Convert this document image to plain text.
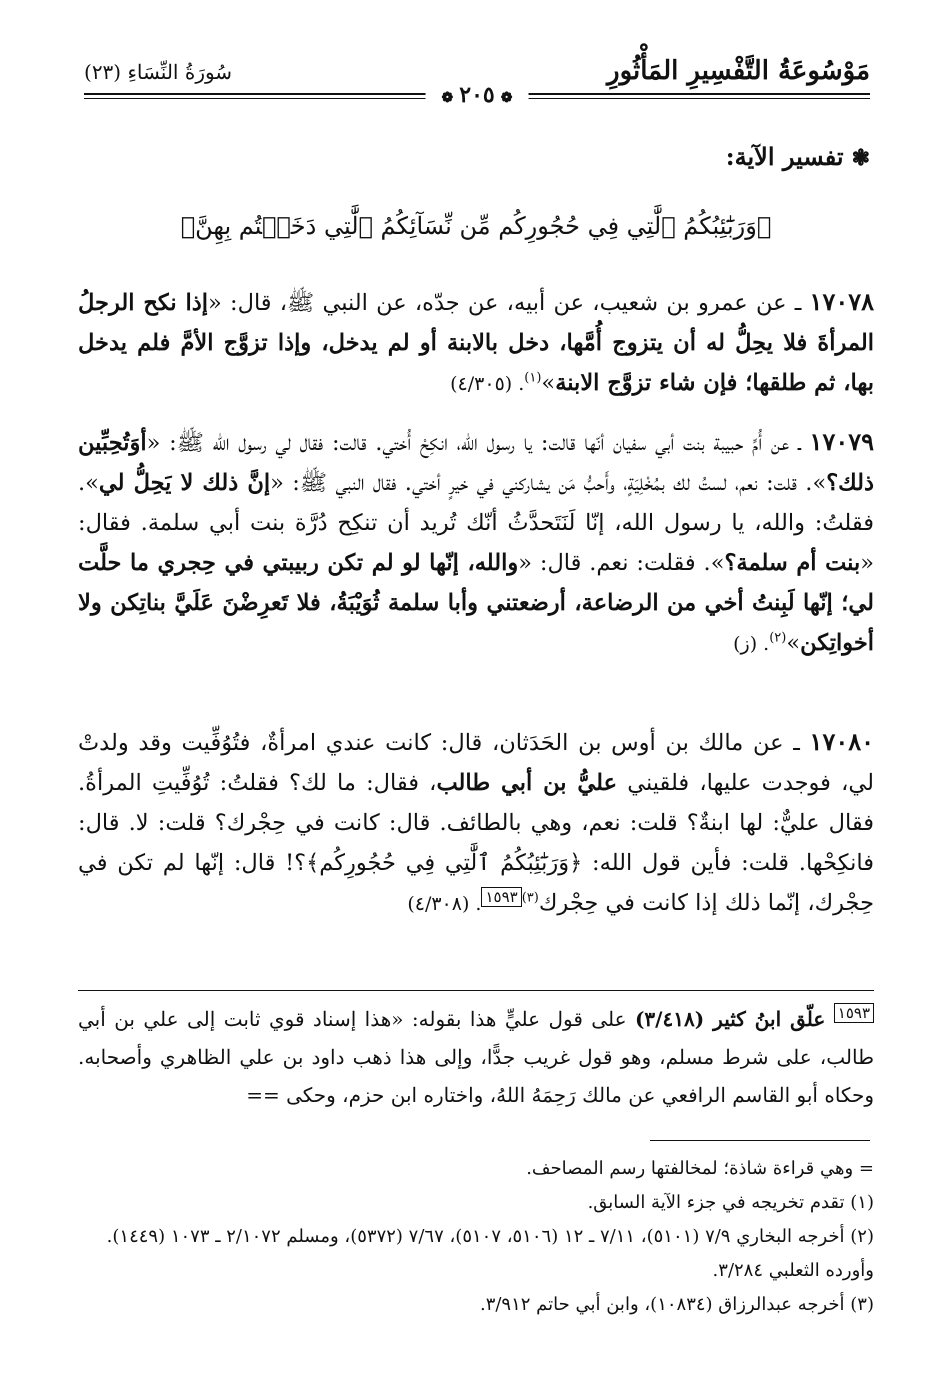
مَوْسُوعَةُ التَّفْسِيرِ المَأْثُورِ
سُورَةُ النِّسَاءِ (٢٣)
❁٢٠٥❁
❃تفسير الآية:
﴿وَرَبَٰٓئِبُكُمُ ٱلَّٰتِي فِي حُجُورِكُم مِّن نِّسَآئِكُمُ ٱلَّٰتِي دَخَلۡتُم بِهِنَّ﴾
١٧٠٧٨ ـ عن عمرو بن شعيب، عن أبيه، عن جدّه، عن النبي ﷺ، قال: «إذا نكح الرجلُ المرأةَ فلا يحِلُّ له أن يتزوج أُمَّها، دخل بالابنة أو لم يدخل، وإذا تزوَّج الأمَّ فلم يدخل بها، ثم طلقها؛ فإن شاء تزوَّج الابنة»$^{(١)}$. (٤/٣٠٥)
١٧٠٧٩ ـ عن أُمِّ حبيبة بنت أبي سفيان أنّها قالت: يا رسول الله، انكِحْ أُختي. قالت: فقال لي رسول الله ﷺ: «أوَتُحِبِّين ذلك؟». قلت: نعم، لستُ لك بمُخْلِيَةٍ، وأَحبُّ مَن يشاركني في خيرٍ أختي. فقال النبي ﷺ: «إنَّ ذلك لا يَحِلُّ لي». فقلتُ: والله، يا رسول الله، إنّا لَنَتَحدَّثُ أنّك تُريد أن تنكِح دُرَّة بنت أبي سلمة. فقال: «بنت أم سلمة؟». فقلت: نعم. قال: «والله، إنّها لو لم تكن ربيبتي في حِجري ما حلَّت لي؛ إنّها لَبِنتُ أخي من الرضاعة، أرضعتني وأبا سلمة ثُوَيْبَةُ، فلا تَعرِضْنَ عَلَيَّ بناتِكن ولا أخواتِكن»$^{(٢)}$. (ز)
١٧٠٨٠ ـ عن مالك بن أوس بن الحَدَثان، قال: كانت عندي امرأةٌ، فتُوُفِّيت وقد ولدتْ لي، فوجدت عليها، فلقيني عليُّ بن أبي طالب، فقال: ما لك؟ فقلتُ: تُوُفِّيتِ المرأةُ. فقال عليٌّ: لها ابنةٌ؟ قلت: نعم، وهي بالطائف. قال: كانت في حِجْرك؟ قلت: لا. قال: فانكِحْها. قلت: فأين قول الله: ﴿وَرَبَٰٓئِبُكُمُ ٱلَّٰتِي فِي حُجُورِكُم﴾؟! قال: إنّها لم تكن في حِجْرك، إنّما ذلك إذا كانت في حِجْرك$^{(٣)}$١٥٩٣. (٤/٣٠٨)
١٥٩٣ علّق ابنُ كثير (٣/٤١٨) على قول عليٍّ هذا بقوله: «هذا إسناد قوي ثابت إلى علي بن أبي طالب، على شرط مسلم، وهو قول غريب جدًّا، وإلى هذا ذهب داود بن علي الظاهري وأصحابه. وحكاه أبو القاسم الرافعي عن مالك رَحِمَهُ اللهُ، واختاره ابن حزم، وحكى ==
= وهي قراءة شاذة؛ لمخالفتها رسم المصاحف.
(١) تقدم تخريجه في جزء الآية السابق.
(٢) أخرجه البخاري ٧/٩ (٥١٠١)، ٧/١١ ـ ١٢ (٥١٠٦، ٥١٠٧)، ٧/٦٧ (٥٣٧٢)، ومسلم ٢/١٠٧٢ ـ ١٠٧٣ (١٤٤٩). وأورده الثعلبي ٣/٢٨٤.
(٣) أخرجه عبدالرزاق (١٠٨٣٤)، وابن أبي حاتم ٣/٩١٢.
